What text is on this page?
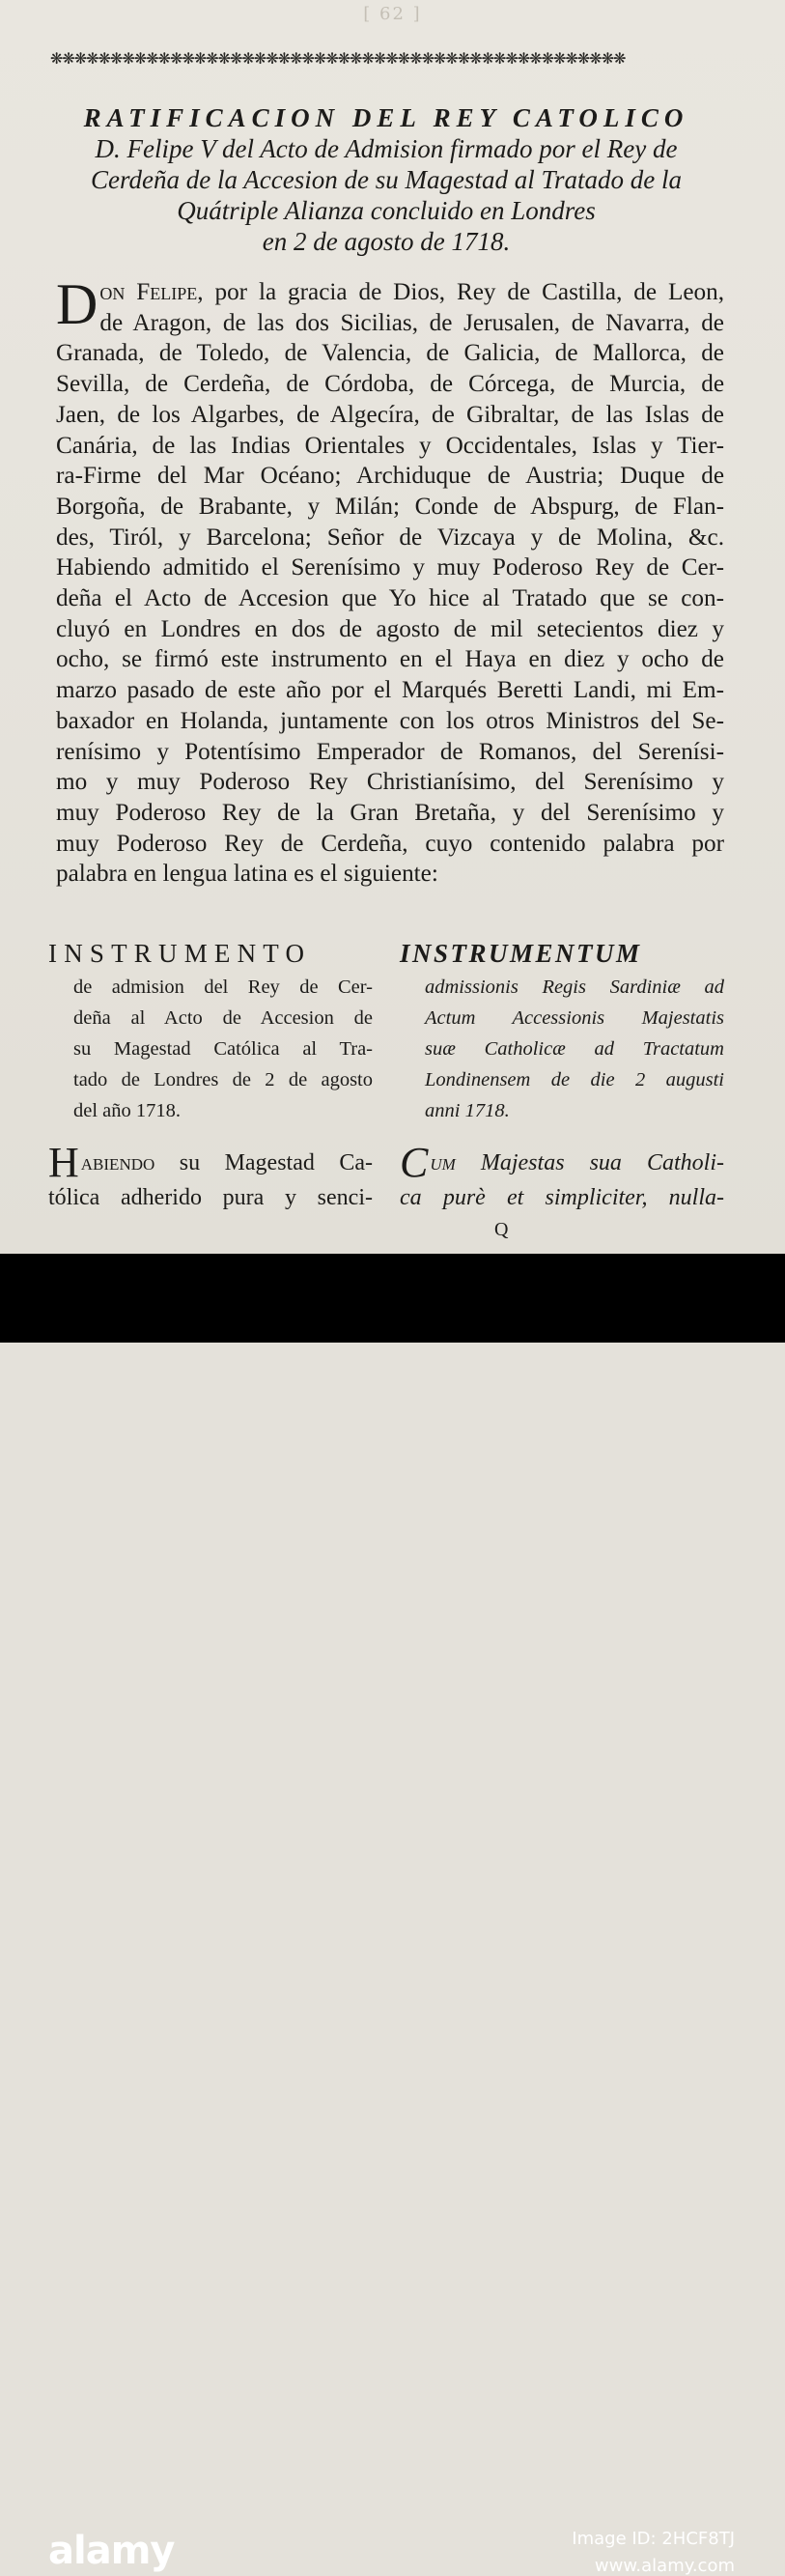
[ 62 ]
❋❋❋❋❋❋❋❋❋❋❋❋❋❋❋❋❋❋❋❋❋❋❋❋❋❋❋❋❋❋❋❋❋❋❋❋❋❋❋❋❋❋❋❋❋❋❋❋
RATIFICACION DEL REY CATOLICO
D. Felipe V del Acto de Admision firmado por el Rey de
Cerdeña de la Accesion de su Magestad al Tratado de la
Quátriple Alianza concluido en Londres
en 2 de agosto de 1718.
Don Felipe, por la gracia de Dios, Rey de Castilla, de Leon,
de Aragon, de las dos Sicilias, de Jerusalen, de Navarra, de
Granada, de Toledo, de Valencia, de Galicia, de Mallorca, de
Sevilla, de Cerdeña, de Córdoba, de Córcega, de Murcia, de
Jaen, de los Algarbes, de Algecíra, de Gibraltar, de las Islas de
Canária, de las Indias Orientales y Occidentales, Islas y Tier-
ra-Firme del Mar Océano; Archiduque de Austria; Duque de
Borgoña, de Brabante, y Milán; Conde de Abspurg, de Flan-
des, Tiról, y Barcelona; Señor de Vizcaya y de Molina, &c.
Habiendo admitido el Serenísimo y muy Poderoso Rey de Cer-
deña el Acto de Accesion que Yo hice al Tratado que se con-
cluyó en Londres en dos de agosto de mil setecientos diez y
ocho, se firmó este instrumento en el Haya en diez y ocho de
marzo pasado de este año por el Marqués Beretti Landi, mi Em-
baxador en Holanda, juntamente con los otros Ministros del Se-
renísimo y Potentísimo Emperador de Romanos, del Serenísi-
mo y muy Poderoso Rey Christianísimo, del Serenísimo y
muy Poderoso Rey de la Gran Bretaña, y del Serenísimo y
muy Poderoso Rey de Cerdeña, cuyo contenido palabra por
palabra en lengua latina es el siguiente:
INSTRUMENTO
de admision del Rey de Cer-
deña al Acto de Accesion de
su Magestad Católica al Tra-
tado de Londres de 2 de agosto
del año 1718.
Habiendo su Magestad Ca-
tólica adherido pura y senci-
INSTRUMENTUM
admissionis Regis Sardiniæ ad
Actum Accessionis Majestatis
suæ Catholicæ ad Tractatum
Londinensem de die 2 augusti
anni 1718.
Cum Majestas sua Catholi-
ca purè et simpliciter, nulla-
Q
alamy	Image ID: 2HCF8TJ
www.alamy.com
